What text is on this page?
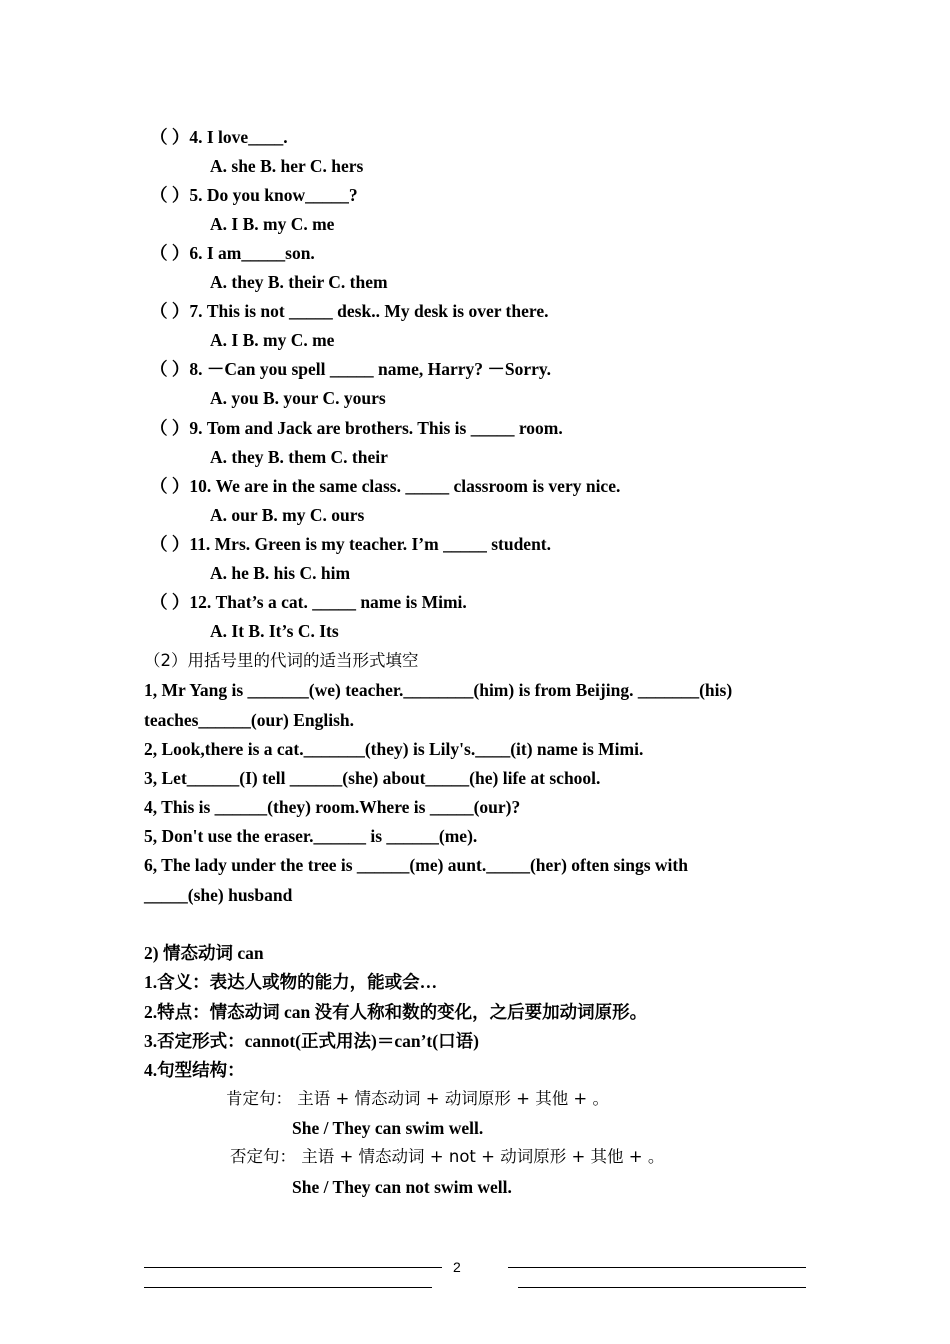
（ ）4. I love____.
A. she B. her C. hers
（ ）5. Do you know_____?
A. I B. my C. me
（ ）6. I am_____son.
A. they B. their C. them
（ ）7. This is not _____ desk.. My desk is over there.
A. I B. my C. me
（ ）8. －Can you spell _____ name, Harry? －Sorry.
A. you B. your C. yours
（ ）9. Tom and Jack are brothers. This is _____ room.
A. they B. them C. their
（ ）10. We are in the same class. _____ classroom is very nice.
A. our B. my C. ours
（ ）11. Mrs. Green is my teacher. I’m _____ student.
A. he B. his C. him
（ ）12. That’s a cat. _____ name is Mimi.
A. It B. It’s C. Its
（2）用括号里的代词的适当形式填空
1, Mr Yang is _______(we) teacher.________(him) is from Beijing. _______(his)
teaches______(our) English.
2, Look,there is a cat._______(they) is Lily's.____(it) name is Mimi.
3, Let______(I) tell ______(she) about_____(he) life at school.
4, This is ______(they) room.Where is _____(our)?
5, Don't use the eraser.______ is ______(me).
6, The lady under the tree is ______(me) aunt._____(her) often sings with
_____(she) husband
2) 情态动词 can
1.含义：表达人或物的能力，能或会…
2.特点：情态动词 can 没有人称和数的变化，之后要加动词原形。
3.否定形式：cannot(正式用法)＝can’t(口语)
4.句型结构：
肯定句： 主语 + 情态动词 + 动词原形 + 其他 + 。
She / They can swim well.
否定句： 主语 + 情态动词 + not + 动词原形 + 其他 + 。
She / They can not swim well.
2
